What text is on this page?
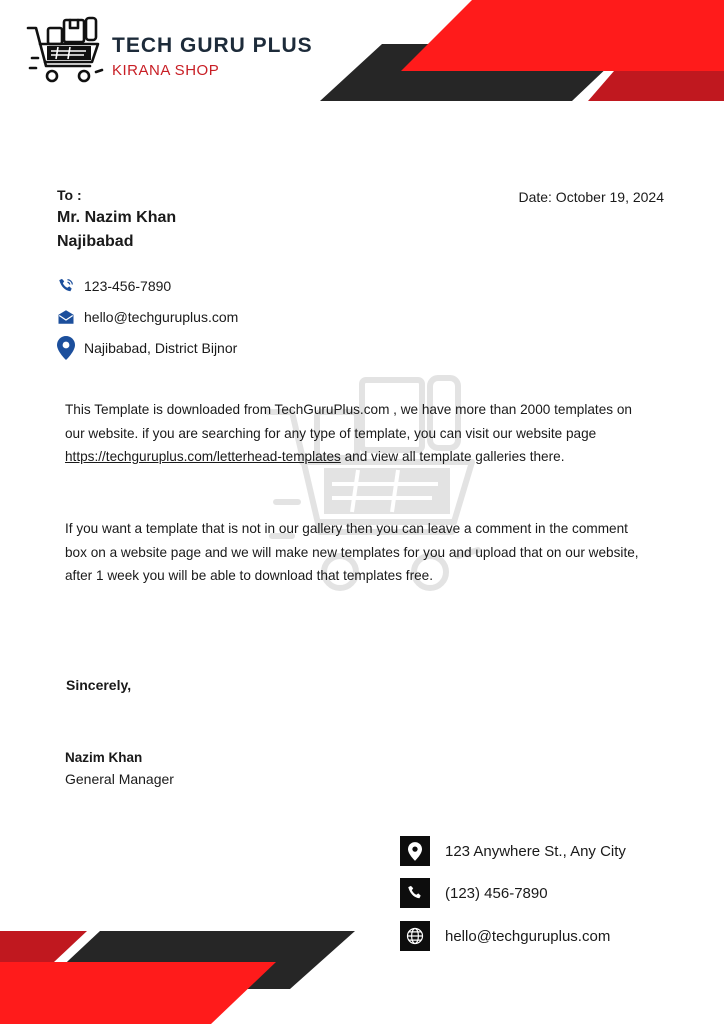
TECH GURU PLUS
KIRANA SHOP
To :
Mr. Nazim Khan
Najibabad
Date: October 19, 2024
123-456-7890
hello@techguruplus.com
Najibabad, District Bijnor
This Template is downloaded from TechGuruPlus.com , we have more than 2000 templates on our website. if you are searching for any type of template, you can visit our website page https://techguruplus.com/letterhead-templates and view all template galleries there.
If you want a template that is not in our gallery then you can leave a comment in the comment box on a website page and we will make new templates for you and upload that on our website, after 1 week you will be able to download that templates free.
Sincerely,
Nazim Khan
General Manager
123 Anywhere St., Any City
(123) 456-7890
hello@techguruplus.com
